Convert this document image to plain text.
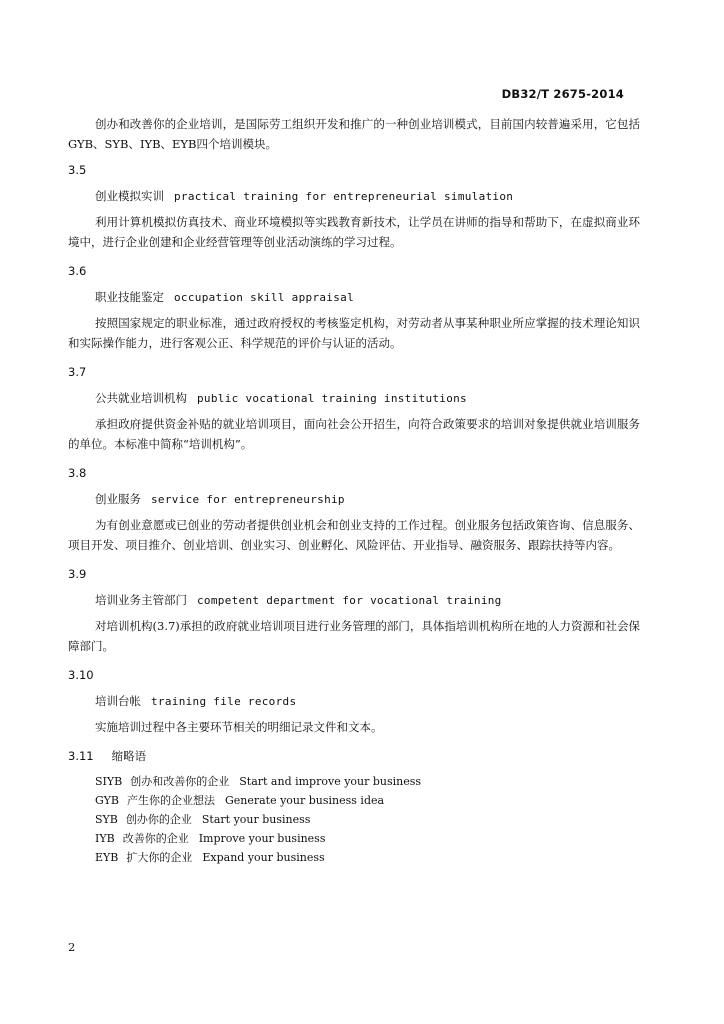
DB32/T 2675-2014

创办和改善你的企业培训，是国际劳工组织开发和推广的一种创业培训模式，目前国内较普遍采用，它包括GYB、SYB、IYB、EYB四个培训模块。

3.5

创业模拟实训 practical training for entrepreneurial simulation

利用计算机模拟仿真技术、商业环境模拟等实践教育新技术，让学员在讲师的指导和帮助下，在虚拟商业环境中，进行企业创建和企业经营管理等创业活动演练的学习过程。

3.6

职业技能鉴定 occupation skill appraisal

按照国家规定的职业标准，通过政府授权的考核鉴定机构，对劳动者从事某种职业所应掌握的技术理论知识和实际操作能力，进行客观公正、科学规范的评价与认证的活动。

3.7

公共就业培训机构 public vocational training institutions

承担政府提供资金补贴的就业培训项目，面向社会公开招生，向符合政策要求的培训对象提供就业培训服务的单位。本标准中简称“培训机构”。

3.8

创业服务 service for entrepreneurship

为有创业意愿或已创业的劳动者提供创业机会和创业支持的工作过程。创业服务包括政策咨询、信息服务、项目开发、项目推介、创业培训、创业实习、创业孵化、风险评估、开业指导、融资服务、跟踪扶持等内容。

3.9

培训业务主管部门 competent department for vocational training

对培训机构(3.7)承担的政府就业培训项目进行业务管理的部门，具体指培训机构所在地的人力资源和社会保障部门。

3.10

培训台帐 training file records

实施培训过程中各主要环节相关的明细记录文件和文本。

3.11 缩略语

SIYB 创办和改善你的企业 Start and improve your business
GYB 产生你的企业想法 Generate your business idea
SYB 创办你的企业 Start your business
IYB 改善你的企业 Improve your business
EYB 扩大你的企业 Expand your business
2
